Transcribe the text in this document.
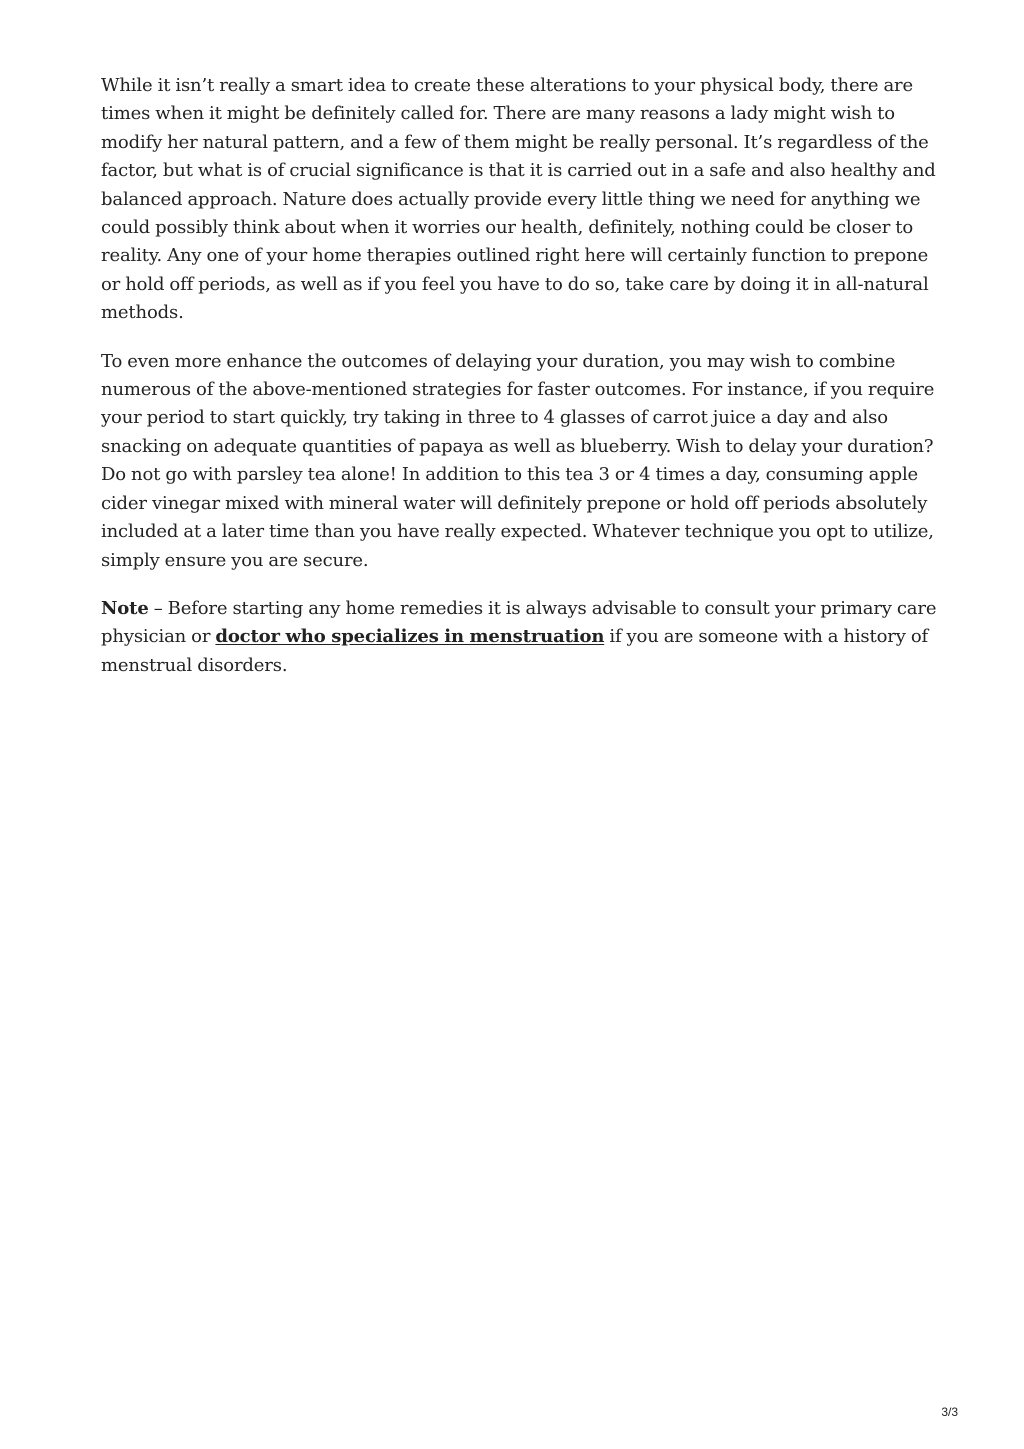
While it isn’t really a smart idea to create these alterations to your physical body, there are times when it might be definitely called for. There are many reasons a lady might wish to modify her natural pattern, and a few of them might be really personal. It’s regardless of the factor, but what is of crucial significance is that it is carried out in a safe and also healthy and balanced approach. Nature does actually provide every little thing we need for anything we could possibly think about when it worries our health, definitely, nothing could be closer to reality. Any one of your home therapies outlined right here will certainly function to prepone or hold off periods, as well as if you feel you have to do so, take care by doing it in all-natural methods.

To even more enhance the outcomes of delaying your duration, you may wish to combine numerous of the above-mentioned strategies for faster outcomes. For instance, if you require your period to start quickly, try taking in three to 4 glasses of carrot juice a day and also snacking on adequate quantities of papaya as well as blueberry. Wish to delay your duration? Do not go with parsley tea alone! In addition to this tea 3 or 4 times a day, consuming apple cider vinegar mixed with mineral water will definitely prepone or hold off periods absolutely included at a later time than you have really expected. Whatever technique you opt to utilize, simply ensure you are secure.

Note – Before starting any home remedies it is always advisable to consult your primary care physician or doctor who specializes in menstruation if you are someone with a history of menstrual disorders.

3/3
